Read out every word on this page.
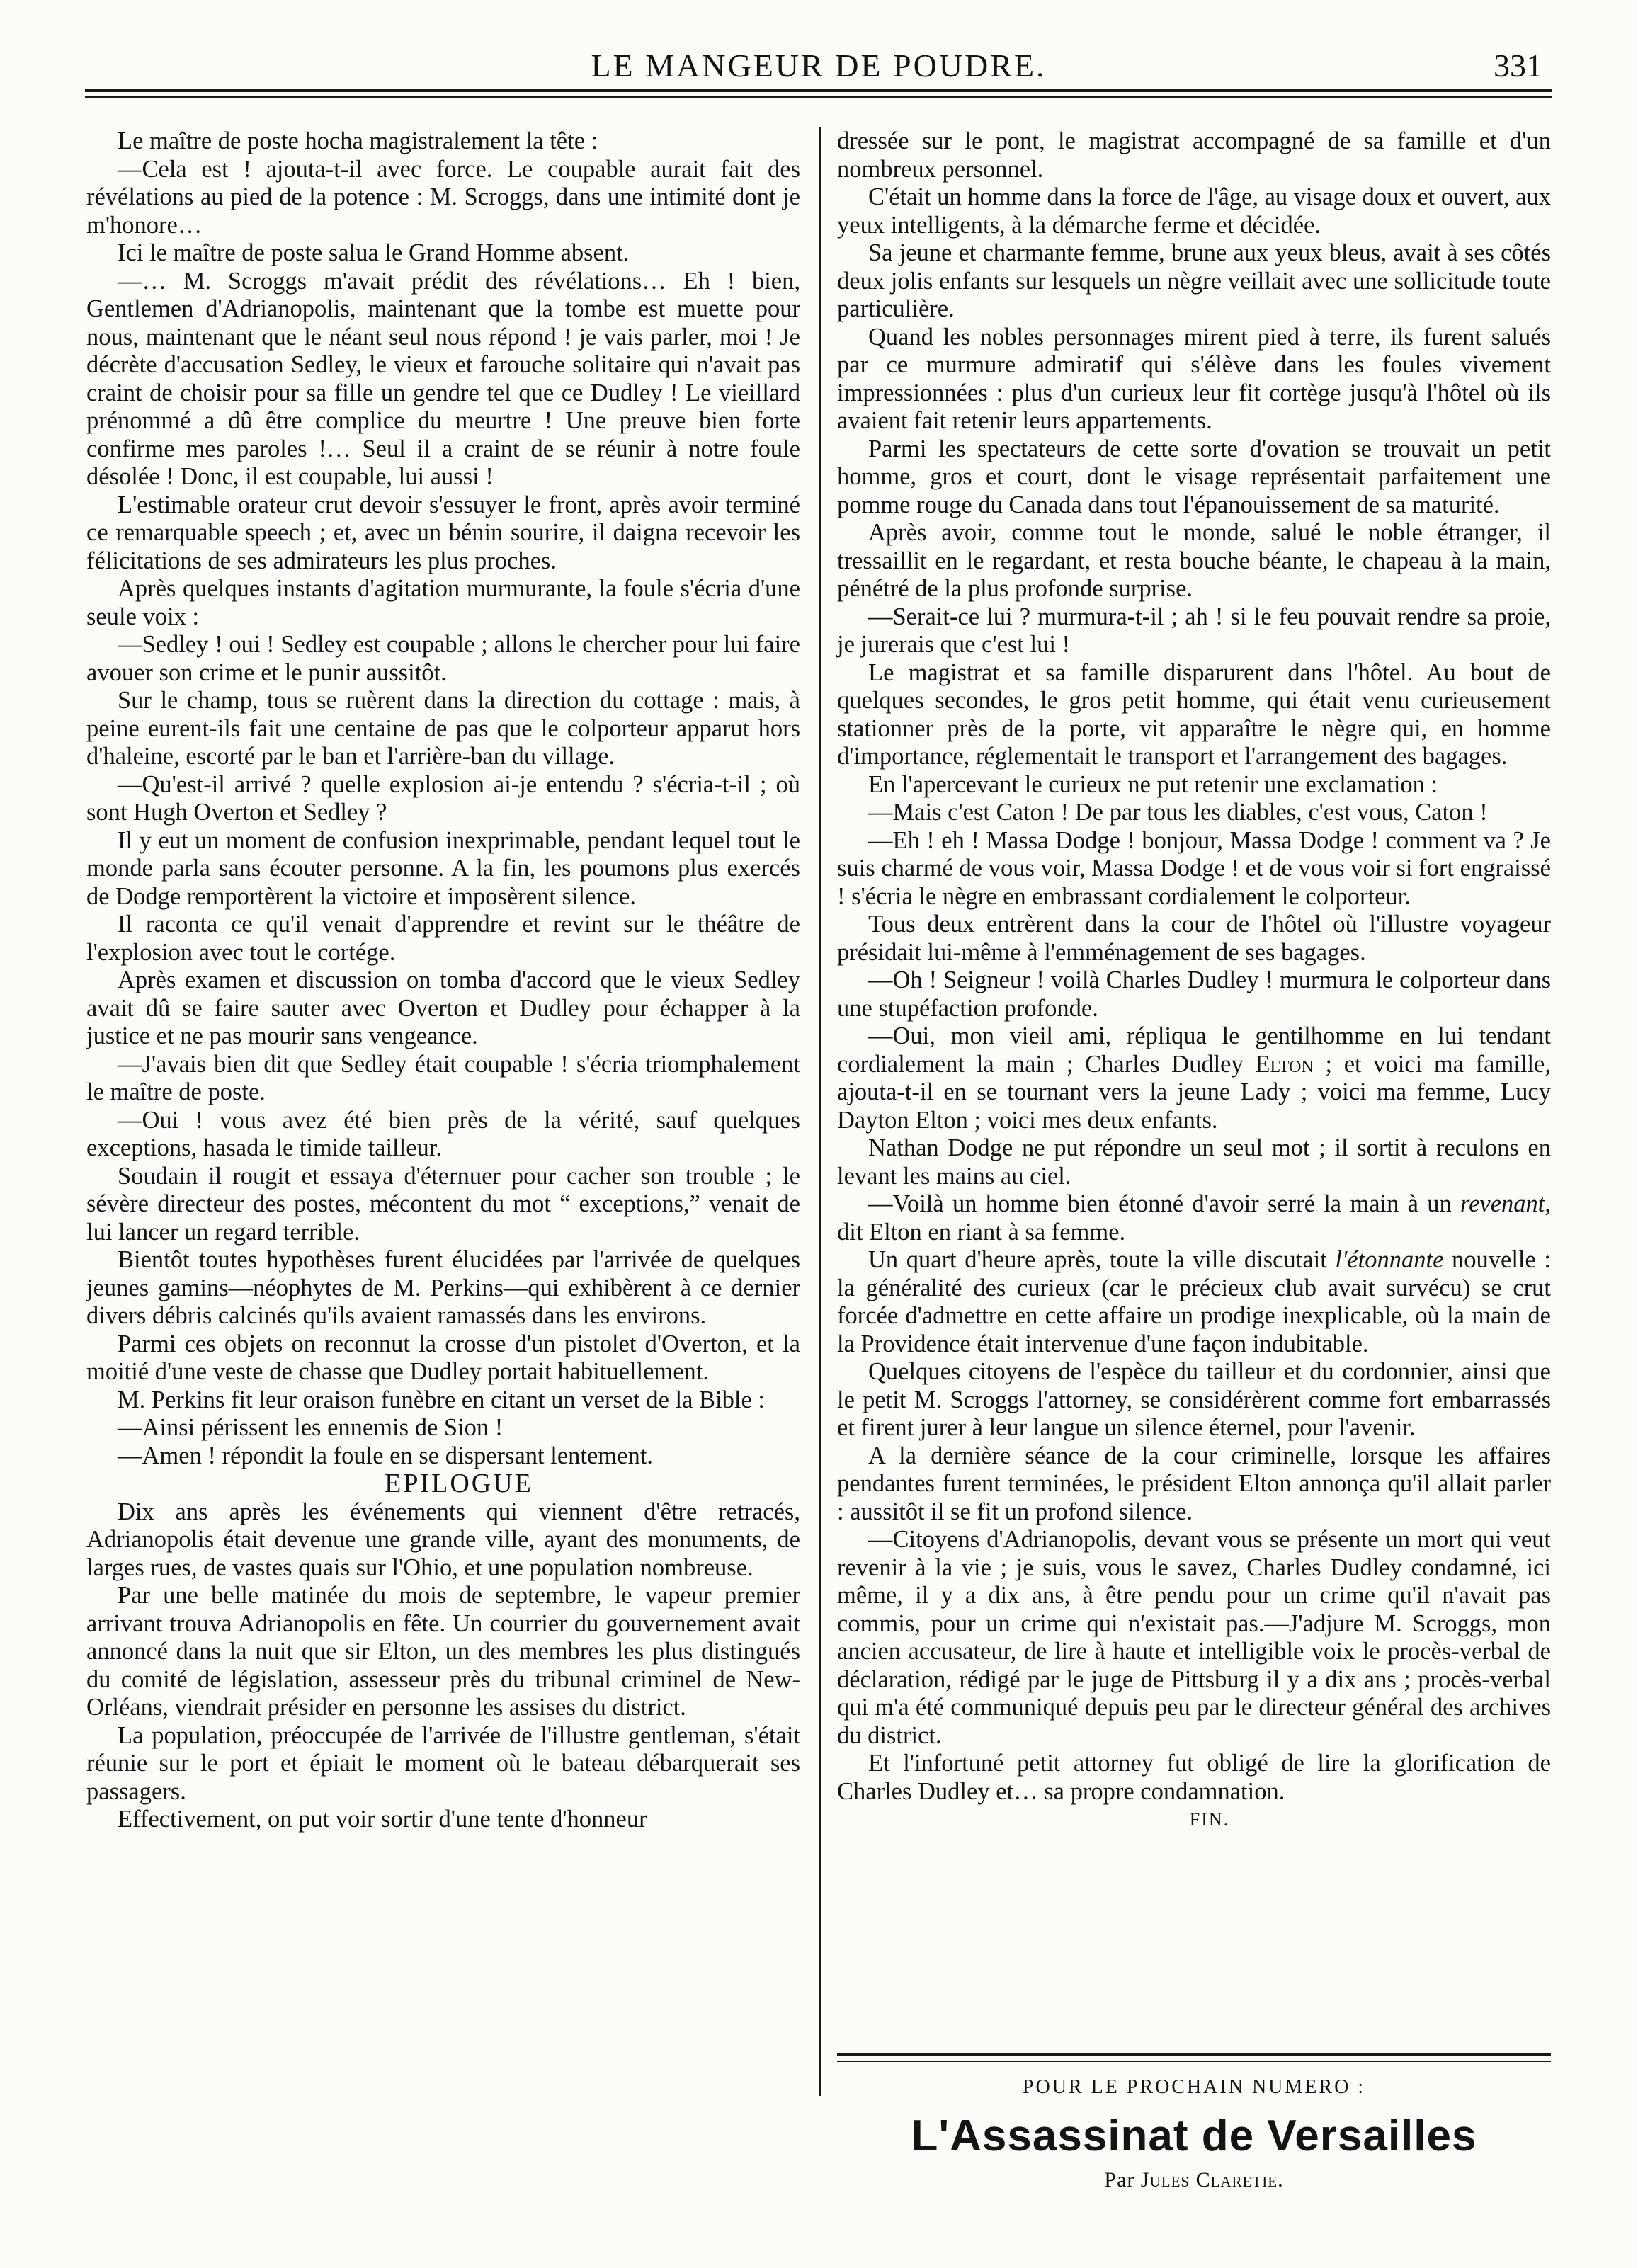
LE MANGEUR DE POUDRE.	331

Le maître de poste hocha magistralement la tête :

—Cela est ! ajouta-t-il avec force. Le coupable aurait fait des révélations au pied de la potence : M. Scroggs, dans une intimité dont je m'honore…

Ici le maître de poste salua le Grand Homme absent.

—… M. Scroggs m'avait prédit des révélations… Eh ! bien, Gentlemen d'Adrianopolis, maintenant que la tombe est muette pour nous, maintenant que le néant seul nous répond ! je vais parler, moi ! Je décrète d'accusation Sedley, le vieux et farouche solitaire qui n'avait pas craint de choisir pour sa fille un gendre tel que ce Dudley ! Le vieillard prénommé a dû être complice du meurtre ! Une preuve bien forte confirme mes paroles !… Seul il a craint de se réunir à notre foule désolée ! Donc, il est coupable, lui aussi !

L'estimable orateur crut devoir s'essuyer le front, après avoir terminé ce remarquable speech ; et, avec un bénin sourire, il daigna recevoir les félicitations de ses admirateurs les plus proches.

Après quelques instants d'agitation murmurante, la foule s'écria d'une seule voix :

—Sedley ! oui ! Sedley est coupable ; allons le chercher pour lui faire avouer son crime et le punir aussitôt.

Sur le champ, tous se ruèrent dans la direction du cottage : mais, à peine eurent-ils fait une centaine de pas que le colporteur apparut hors d'haleine, escorté par le ban et l'arrière-ban du village.

—Qu'est-il arrivé ? quelle explosion ai-je entendu ? s'écria-t-il ; où sont Hugh Overton et Sedley ?

Il y eut un moment de confusion inexprimable, pendant lequel tout le monde parla sans écouter personne. A la fin, les poumons plus exercés de Dodge remportèrent la victoire et imposèrent silence.

Il raconta ce qu'il venait d'apprendre et revint sur le théâtre de l'explosion avec tout le cortége.

Après examen et discussion on tomba d'accord que le vieux Sedley avait dû se faire sauter avec Overton et Dudley pour échapper à la justice et ne pas mourir sans vengeance.

—J'avais bien dit que Sedley était coupable ! s'écria triomphalement le maître de poste.

—Oui ! vous avez été bien près de la vérité, sauf quelques exceptions, hasada le timide tailleur.

Soudain il rougit et essaya d'éternuer pour cacher son trouble ; le sévère directeur des postes, mécontent du mot “ exceptions,” venait de lui lancer un regard terrible.

Bientôt toutes hypothèses furent élucidées par l'arrivée de quelques jeunes gamins—néophytes de M. Perkins—qui exhibèrent à ce dernier divers débris calcinés qu'ils avaient ramassés dans les environs.

Parmi ces objets on reconnut la crosse d'un pistolet d'Overton, et la moitié d'une veste de chasse que Dudley portait habituellement.

M. Perkins fit leur oraison funèbre en citant un verset de la Bible :

—Ainsi périssent les ennemis de Sion !

—Amen ! répondit la foule en se dispersant lentement.

EPILOGUE

Dix ans après les événements qui viennent d'être retracés, Adrianopolis était devenue une grande ville, ayant des monuments, de larges rues, de vastes quais sur l'Ohio, et une population nombreuse.

Par une belle matinée du mois de septembre, le vapeur premier arrivant trouva Adrianopolis en fête. Un courrier du gouvernement avait annoncé dans la nuit que sir Elton, un des membres les plus distingués du comité de législation, assesseur près du tribunal criminel de New-Orléans, viendrait présider en personne les assises du district.

La population, préoccupée de l'arrivée de l'illustre gentleman, s'était réunie sur le port et épiait le moment où le bateau débarquerait ses passagers.

Effectivement, on put voir sortir d'une tente d'honneur

dressée sur le pont, le magistrat accompagné de sa famille et d'un nombreux personnel.

C'était un homme dans la force de l'âge, au visage doux et ouvert, aux yeux intelligents, à la démarche ferme et décidée.

Sa jeune et charmante femme, brune aux yeux bleus, avait à ses côtés deux jolis enfants sur lesquels un nègre veillait avec une sollicitude toute particulière.

Quand les nobles personnages mirent pied à terre, ils furent salués par ce murmure admiratif qui s'élève dans les foules vivement impressionnées : plus d'un curieux leur fit cortège jusqu'à l'hôtel où ils avaient fait retenir leurs appartements.

Parmi les spectateurs de cette sorte d'ovation se trouvait un petit homme, gros et court, dont le visage représentait parfaitement une pomme rouge du Canada dans tout l'épanouissement de sa maturité.

Après avoir, comme tout le monde, salué le noble étranger, il tressaillit en le regardant, et resta bouche béante, le chapeau à la main, pénétré de la plus profonde surprise.

—Serait-ce lui ? murmura-t-il ; ah ! si le feu pouvait rendre sa proie, je jurerais que c'est lui !

Le magistrat et sa famille disparurent dans l'hôtel. Au bout de quelques secondes, le gros petit homme, qui était venu curieusement stationner près de la porte, vit apparaître le nègre qui, en homme d'importance, réglementait le transport et l'arrangement des bagages.

En l'apercevant le curieux ne put retenir une exclamation :

—Mais c'est Caton ! De par tous les diables, c'est vous, Caton !

—Eh ! eh ! Massa Dodge ! bonjour, Massa Dodge ! comment va ? Je suis charmé de vous voir, Massa Dodge ! et de vous voir si fort engraissé ! s'écria le nègre en embrassant cordialement le colporteur.

Tous deux entrèrent dans la cour de l'hôtel où l'illustre voyageur présidait lui-même à l'emménagement de ses bagages.

—Oh ! Seigneur ! voilà Charles Dudley ! murmura le colporteur dans une stupéfaction profonde.

—Oui, mon vieil ami, répliqua le gentilhomme en lui tendant cordialement la main ; Charles Dudley Elton ; et voici ma famille, ajouta-t-il en se tournant vers la jeune Lady ; voici ma femme, Lucy Dayton Elton ; voici mes deux enfants.

Nathan Dodge ne put répondre un seul mot ; il sortit à reculons en levant les mains au ciel.

—Voilà un homme bien étonné d'avoir serré la main à un revenant, dit Elton en riant à sa femme.

Un quart d'heure après, toute la ville discutait l'étonnante nouvelle : la généralité des curieux (car le précieux club avait survécu) se crut forcée d'admettre en cette affaire un prodige inexplicable, où la main de la Providence était intervenue d'une façon indubitable.

Quelques citoyens de l'espèce du tailleur et du cordonnier, ainsi que le petit M. Scroggs l'attorney, se considérèrent comme fort embarrassés et firent jurer à leur langue un silence éternel, pour l'avenir.

A la dernière séance de la cour criminelle, lorsque les affaires pendantes furent terminées, le président Elton annonça qu'il allait parler : aussitôt il se fit un profond silence.

—Citoyens d'Adrianopolis, devant vous se présente un mort qui veut revenir à la vie ; je suis, vous le savez, Charles Dudley condamné, ici même, il y a dix ans, à être pendu pour un crime qu'il n'avait pas commis, pour un crime qui n'existait pas.—J'adjure M. Scroggs, mon ancien accusateur, de lire à haute et intelligible voix le procès-verbal de déclaration, rédigé par le juge de Pittsburg il y a dix ans ; procès-verbal qui m'a été communiqué depuis peu par le directeur général des archives du district.

Et l'infortuné petit attorney fut obligé de lire la glorification de Charles Dudley et… sa propre condamnation.

FIN.

POUR LE PROCHAIN NUMERO :
L'Assassinat de Versailles
Par Jules Claretie.
